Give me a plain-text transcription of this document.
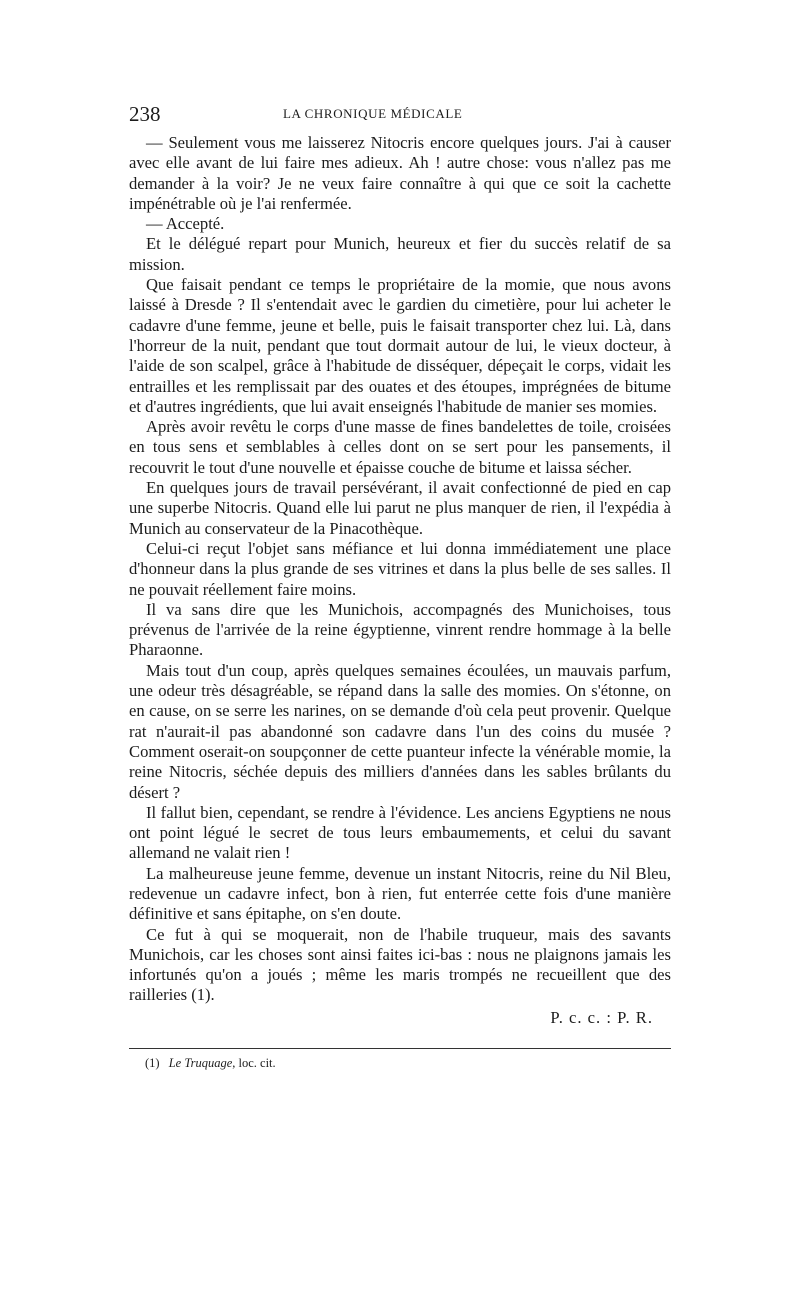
238	LA CHRONIQUE MÉDICALE

— Seulement vous me laisserez Nitocris encore quelques jours. J'ai à causer avec elle avant de lui faire mes adieux. Ah ! autre chose: vous n'allez pas me demander à la voir? Je ne veux faire connaître à qui que ce soit la cachette impénétrable où je l'ai renfermée.

— Accepté.

Et le délégué repart pour Munich, heureux et fier du succès relatif de sa mission.

Que faisait pendant ce temps le propriétaire de la momie, que nous avons laissé à Dresde ? Il s'entendait avec le gardien du cimetière, pour lui acheter le cadavre d'une femme, jeune et belle, puis le faisait transporter chez lui. Là, dans l'horreur de la nuit, pendant que tout dormait autour de lui, le vieux docteur, à l'aide de son scalpel, grâce à l'habitude de disséquer, dépeçait le corps, vidait les entrailles et les remplissait par des ouates et des étoupes, imprégnées de bitume et d'autres ingrédients, que lui avait enseignés l'habitude de manier ses momies.

Après avoir revêtu le corps d'une masse de fines bandelettes de toile, croisées en tous sens et semblables à celles dont on se sert pour les pansements, il recouvrit le tout d'une nouvelle et épaisse couche de bitume et laissa sécher.

En quelques jours de travail persévérant, il avait confectionné de pied en cap une superbe Nitocris. Quand elle lui parut ne plus manquer de rien, il l'expédia à Munich au conservateur de la Pinacothèque.

Celui-ci reçut l'objet sans méfiance et lui donna immédiatement une place d'honneur dans la plus grande de ses vitrines et dans la plus belle de ses salles. Il ne pouvait réellement faire moins.

Il va sans dire que les Munichois, accompagnés des Munichoises, tous prévenus de l'arrivée de la reine égyptienne, vinrent rendre hommage à la belle Pharaonne.

Mais tout d'un coup, après quelques semaines écoulées, un mauvais parfum, une odeur très désagréable, se répand dans la salle des momies. On s'étonne, on en cause, on se serre les narines, on se demande d'où cela peut provenir. Quelque rat n'aurait-il pas abandonné son cadavre dans l'un des coins du musée ? Comment oserait-on soupçonner de cette puanteur infecte la vénérable momie, la reine Nitocris, séchée depuis des milliers d'années dans les sables brûlants du désert ?

Il fallut bien, cependant, se rendre à l'évidence. Les anciens Egyptiens ne nous ont point légué le secret de tous leurs embaumements, et celui du savant allemand ne valait rien !

La malheureuse jeune femme, devenue un instant Nitocris, reine du Nil Bleu, redevenue un cadavre infect, bon à rien, fut enterrée cette fois d'une manière définitive et sans épitaphe, on s'en doute.

Ce fut à qui se moquerait, non de l'habile truqueur, mais des savants Munichois, car les choses sont ainsi faites ici-bas : nous ne plaignons jamais les infortunés qu'on a joués ; même les maris trompés ne recueillent que des railleries (1).

P. c. c. : P. R.
(1) Le Truquage, loc. cit.
